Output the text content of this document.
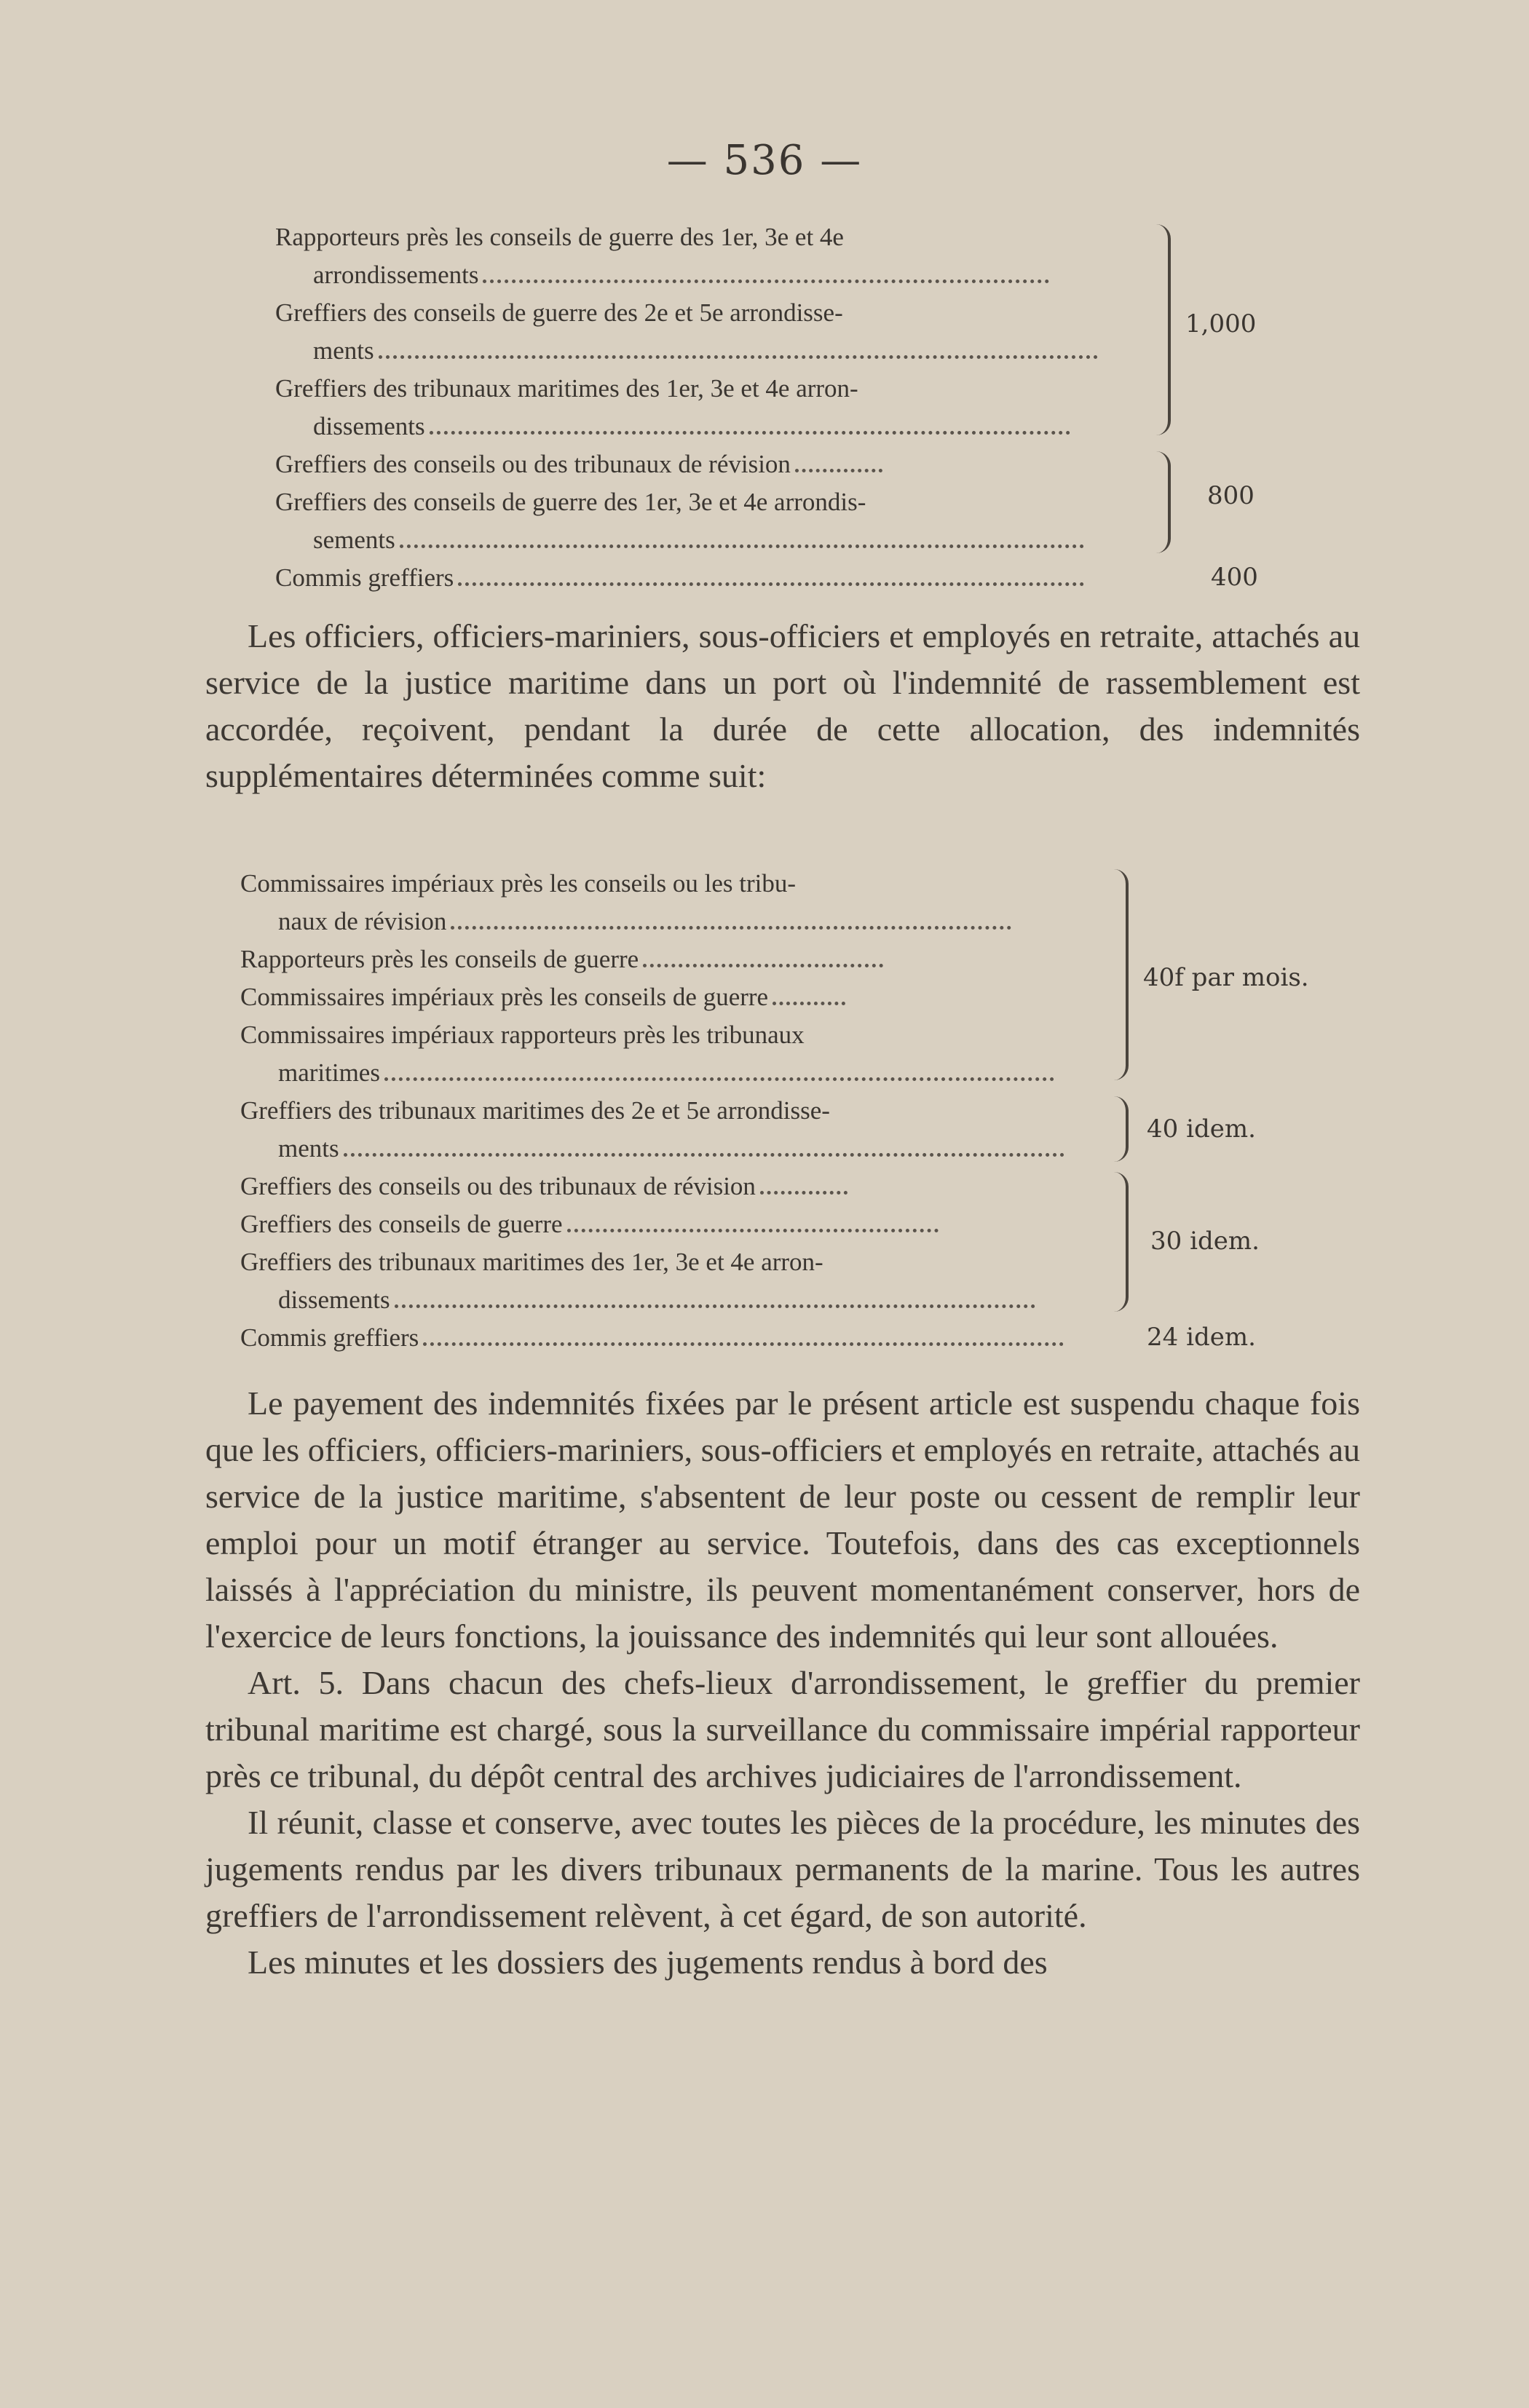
— 536 —
Rapporteurs près les conseils de guerre des 1er, 3e et 4e
arrondissements
Greffiers des conseils de guerre des 2e et 5e arrondisse-
ments
Greffiers des tribunaux maritimes des 1er, 3e et 4e arron-
dissements
1,000
Greffiers des conseils ou des tribunaux de révision
Greffiers des conseils de guerre des 1er, 3e et 4e arrondis-
sements
800
Commis greffiers	400

Les officiers, officiers-mariniers, sous-officiers et employés en retraite, attachés au service de la justice maritime dans un port où l'indemnité de rassemblement est accordée, reçoivent, pendant la durée de cette allocation, des indemnités supplémentaires déterminées comme suit:

Commissaires impériaux près les conseils ou les tribu-
naux de révision
Rapporteurs près les conseils de guerre
Commissaires impériaux près les conseils de guerre
Commissaires impériaux rapporteurs près les tribunaux
maritimes
40f par mois.
Greffiers des tribunaux maritimes des 2e et 5e arrondisse-
ments
40 idem.
Greffiers des conseils ou des tribunaux de révision
Greffiers des conseils de guerre
Greffiers des tribunaux maritimes des 1er, 3e et 4e arron-
dissements
30 idem.
Commis greffiers	24 idem.

Le payement des indemnités fixées par le présent article est suspendu chaque fois que les officiers, officiers-mariniers, sous-officiers et employés en retraite, attachés au service de la justice maritime, s'absentent de leur poste ou cessent de remplir leur emploi pour un motif étranger au service. Toutefois, dans des cas exceptionnels laissés à l'appréciation du ministre, ils peuvent momentanément conserver, hors de l'exercice de leurs fonctions, la jouissance des indemnités qui leur sont allouées.

Art. 5. Dans chacun des chefs-lieux d'arrondissement, le greffier du premier tribunal maritime est chargé, sous la surveillance du commissaire impérial rapporteur près ce tribunal, du dépôt central des archives judiciaires de l'arrondissement.

Il réunit, classe et conserve, avec toutes les pièces de la procédure, les minutes des jugements rendus par les divers tribunaux permanents de la marine. Tous les autres greffiers de l'arrondissement relèvent, à cet égard, de son autorité.

Les minutes et les dossiers des jugements rendus à bord des
